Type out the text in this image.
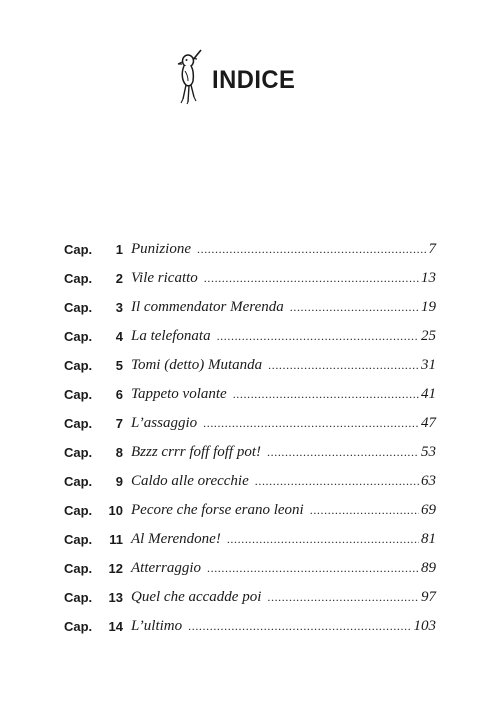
INDICE
Cap.	1 Punizione .....	7
Cap.	2 Vile ricatto .....	13
Cap.	3 Il commendator Merenda .....	19
Cap.	4 La telefonata .....	25
Cap.	5 Tomi (detto) Mutanda .....	31
Cap.	6 Tappeto volante .....	41
Cap.	7 L’assaggio .....	47
Cap.	8 Bzzz crrr foff foff pot! .....	53
Cap.	9 Caldo alle orecchie .....	63
Cap.	10 Pecore che forse erano leoni .....	69
Cap.	11 Al Merendone! .....	81
Cap.	12 Atterraggio .....	89
Cap.	13 Quel che accadde poi .....	97
Cap.	14 L’ultimo .....	103
